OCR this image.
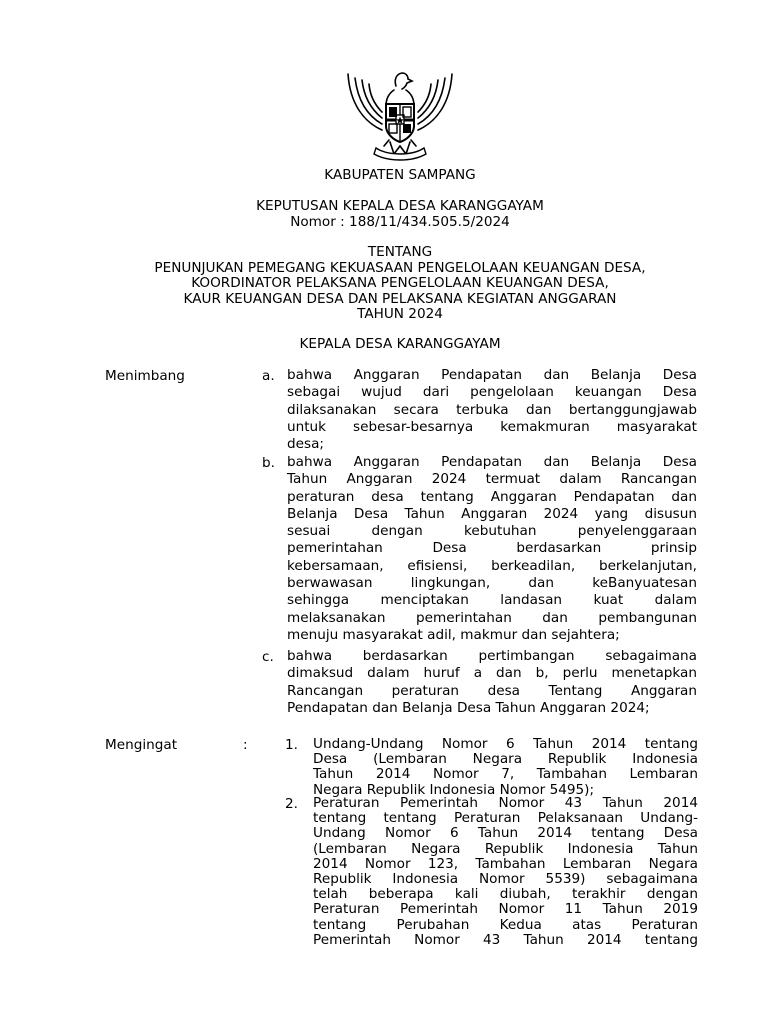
KABUPATEN SAMPANG
KEPUTUSAN KEPALA DESA KARANGGAYAM
Nomor : 188/11/434.505.5/2024
TENTANG
PENUNJUKAN PEMEGANG KEKUASAAN PENGELOLAAN KEUANGAN DESA,
KOORDINATOR PELAKSANA PENGELOLAAN KEUANGAN DESA,
KAUR KEUANGAN DESA DAN PELAKSANA KEGIATAN ANGGARAN
TAHUN 2024
KEPALA DESA KARANGGAYAM
Menimbang	a. bahwa Anggaran Pendapatan dan Belanja Desa
sebagai wujud dari pengelolaan keuangan Desa
dilaksanakan secara terbuka dan bertanggungjawab
untuk sebesar-besarnya kemakmuran masyarakat
desa;
b. bahwa Anggaran Pendapatan dan Belanja Desa
Tahun Anggaran 2024 termuat dalam Rancangan
peraturan desa tentang Anggaran Pendapatan dan
Belanja Desa Tahun Anggaran 2024 yang disusun
sesuai dengan kebutuhan penyelenggaraan
pemerintahan Desa berdasarkan prinsip
kebersamaan, efisiensi, berkeadilan, berkelanjutan,
berwawasan lingkungan, dan keBanyuatesan
sehingga menciptakan landasan kuat dalam
melaksanakan pemerintahan dan pembangunan
menuju masyarakat adil, makmur dan sejahtera;
c. bahwa berdasarkan pertimbangan sebagaimana
dimaksud dalam huruf a dan b, perlu menetapkan
Rancangan peraturan desa Tentang Anggaran
Pendapatan dan Belanja Desa Tahun Anggaran 2024;
Mengingat	:	1. Undang-Undang Nomor 6 Tahun 2014 tentang
Desa (Lembaran Negara Republik Indonesia
Tahun 2014 Nomor 7, Tambahan Lembaran
Negara Republik Indonesia Nomor 5495);
2. Peraturan Pemerintah Nomor 43 Tahun 2014
tentang tentang Peraturan Pelaksanaan Undang-
Undang Nomor 6 Tahun 2014 tentang Desa
(Lembaran Negara Republik Indonesia Tahun
2014 Nomor 123, Tambahan Lembaran Negara
Republik Indonesia Nomor 5539) sebagaimana
telah beberapa kali diubah, terakhir dengan
Peraturan Pemerintah Nomor 11 Tahun 2019
tentang Perubahan Kedua atas Peraturan
Pemerintah Nomor 43 Tahun 2014 tentang
